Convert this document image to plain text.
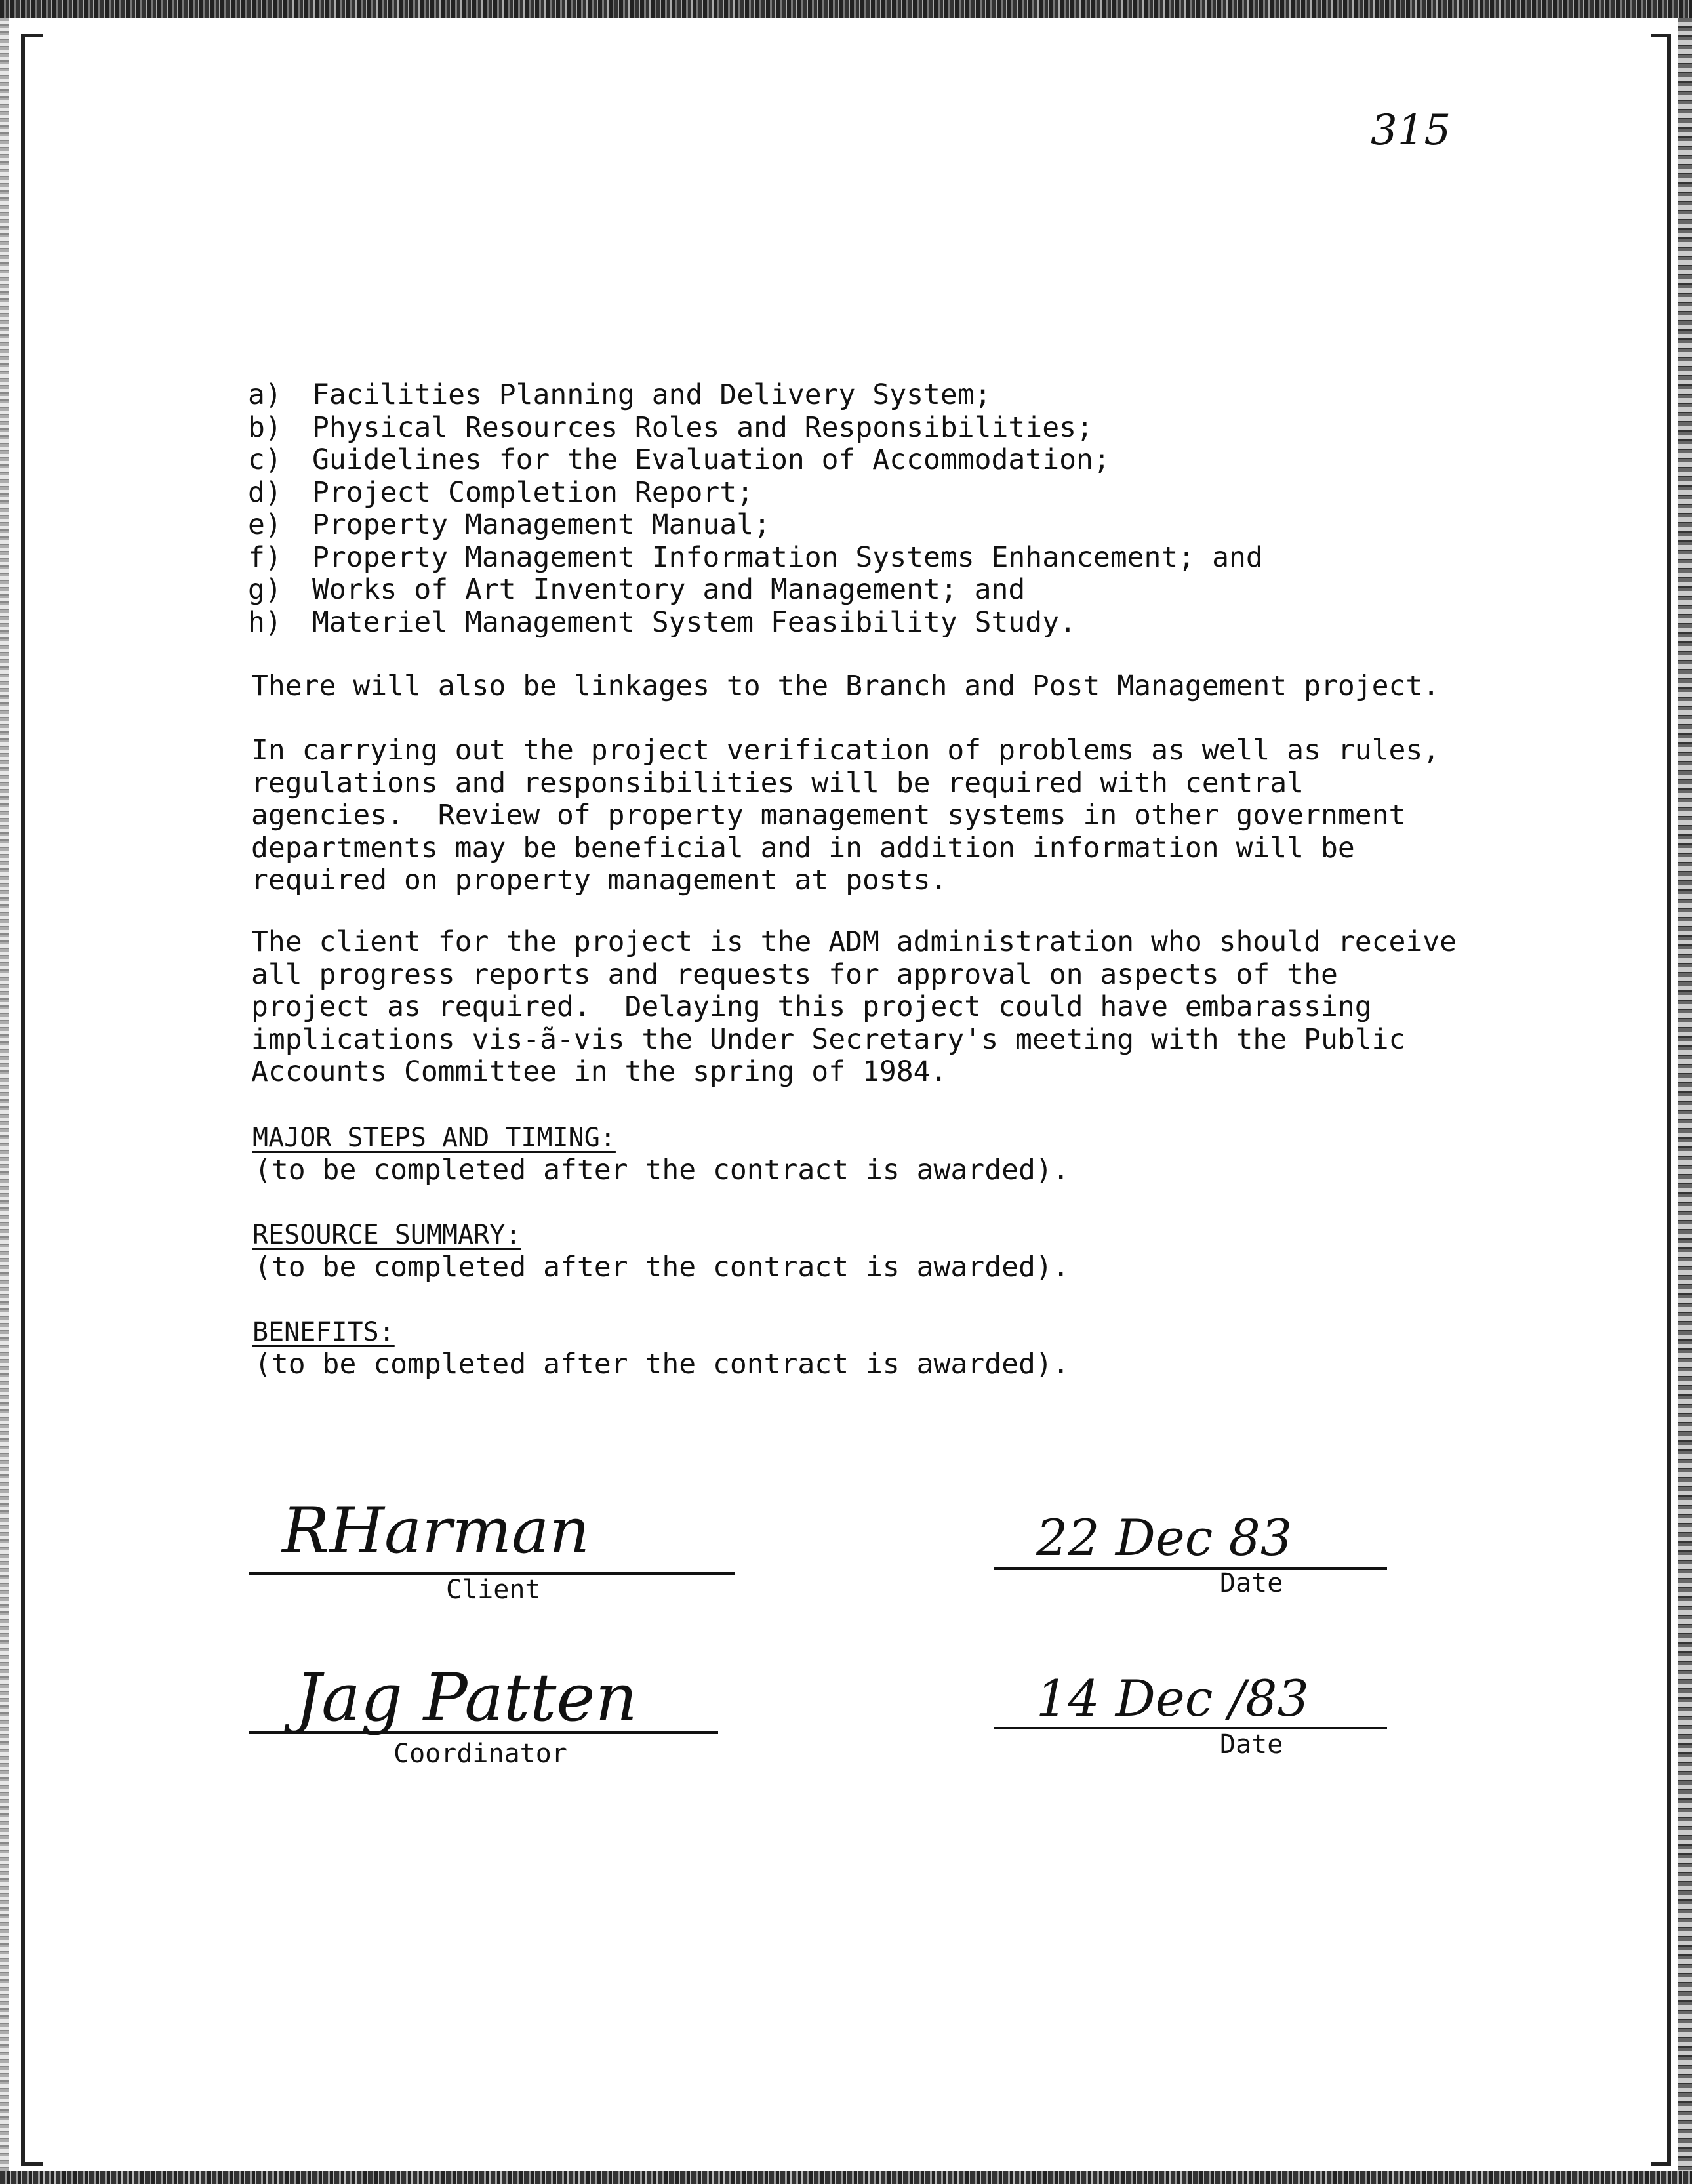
315
a)	Facilities Planning and Delivery System;
b)	Physical Resources Roles and Responsibilities;
c)	Guidelines for the Evaluation of Accommodation;
d)	Project Completion Report;
e)	Property Management Manual;
f)	Property Management Information Systems Enhancement; and
g)	Works of Art Inventory and Management; and
h)	Materiel Management System Feasibility Study.
There will also be linkages to the Branch and Post Management project.
In carrying out the project verification of problems as well as rules,
regulations and responsibilities will be required with central
agencies.  Review of property management systems in other government
departments may be beneficial and in addition information will be
required on property management at posts.
The client for the project is the ADM administration who should receive
all progress reports and requests for approval on aspects of the
project as required.  Delaying this project could have embarassing
implications vis-ã-vis the Under Secretary's meeting with the Public
Accounts Committee in the spring of 1984.
MAJOR STEPS AND TIMING:
(to be completed after the contract is awarded).
RESOURCE SUMMARY:
(to be completed after the contract is awarded).
BENEFITS:
(to be completed after the contract is awarded).
RHarman
Client
22 Dec 83
Date
Jag Patten
Coordinator
14 Dec /83
Date
